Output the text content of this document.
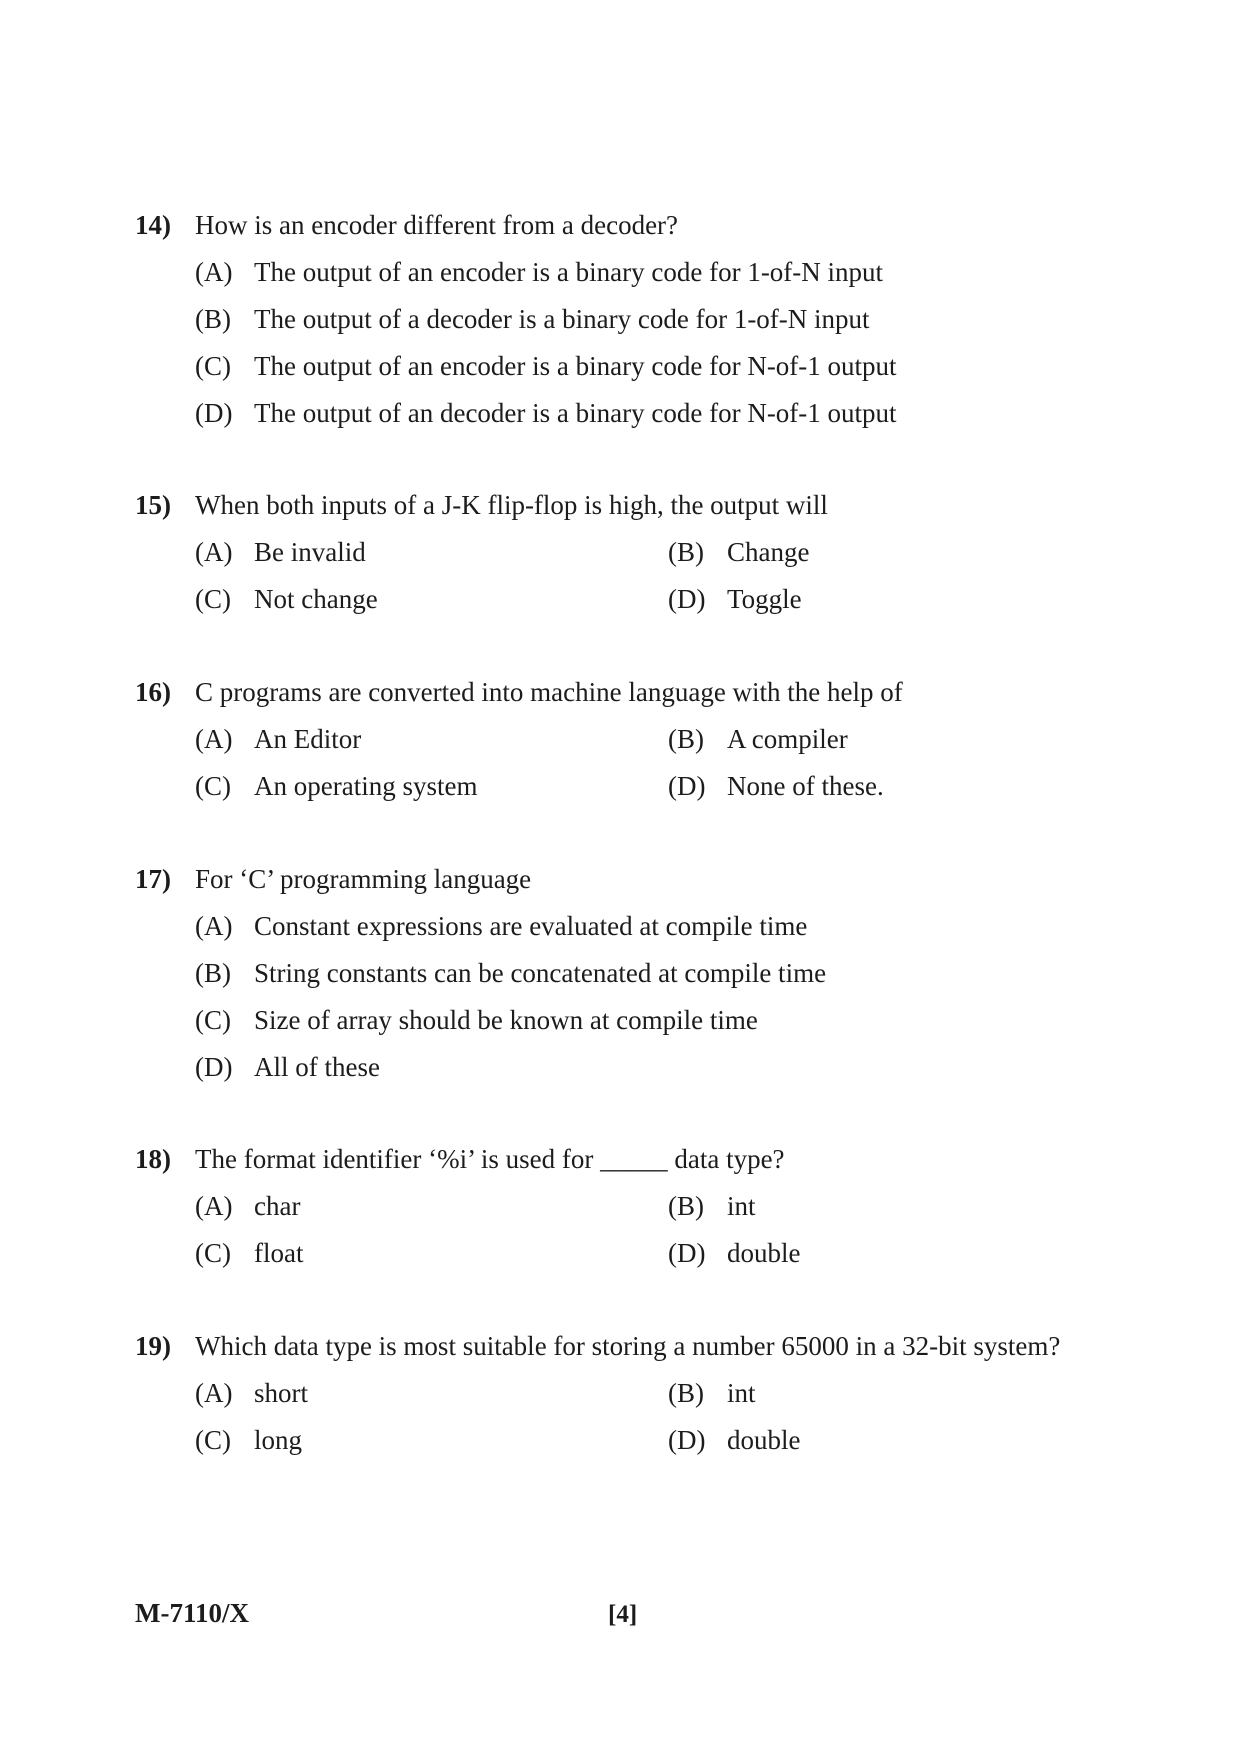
14) How is an encoder different from a decoder?
(A) The output of an encoder is a binary code for 1-of-N input
(B) The output of a decoder is a binary code for 1-of-N input
(C) The output of an encoder is a binary code for N-of-1 output
(D) The output of an decoder is a binary code for N-of-1 output
15) When both inputs of a J-K flip-flop is high, the output will
(A) Be invalid	(B) Change
(C) Not change	(D) Toggle
16) C programs are converted into machine language with the help of
(A) An Editor	(B) A compiler
(C) An operating system	(D) None of these.
17) For ‘C’ programming language
(A) Constant expressions are evaluated at compile time
(B) String constants can be concatenated at compile time
(C) Size of array should be known at compile time
(D) All of these
18) The format identifier ‘%i’ is used for _____ data type?
(A) char	(B) int
(C) float	(D) double
19) Which data type is most suitable for storing a number 65000 in a 32-bit system?
(A) short	(B) int
(C) long	(D) double
M-7110/X	[4]
